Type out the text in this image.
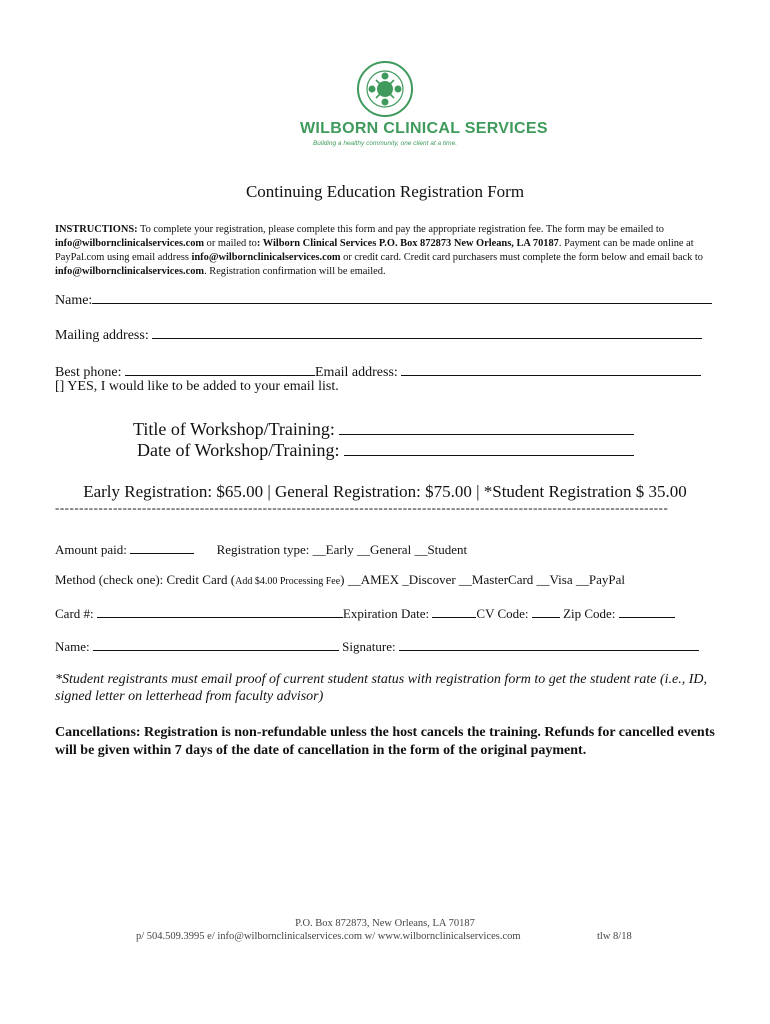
WILBORN CLINICAL SERVICES
Building a healthy community, one client at a time.
Continuing Education Registration Form
INSTRUCTIONS: To complete your registration, please complete this form and pay the appropriate registration fee. The form may be emailed to info@wilbornclinicalservices.com or mailed to: Wilborn Clinical Services P.O. Box 872873 New Orleans, LA 70187. Payment can be made online at PayPal.com using email address info@wilbornclinicalservices.com or credit card. Credit card purchasers must complete the form below and email back to info@wilbornclinicalservices.com. Registration confirmation will be emailed.
Name:
Mailing address:
Best phone:	Email address:
[] YES, I would like to be added to your email list.
Title of Workshop/Training:
Date of Workshop/Training:
Early Registration: $65.00 | General Registration: $75.00 | *Student Registration $ 35.00
-------------------------------------------------------------------------------------------------------------------------------
Amount paid:	Registration type: __Early __General __Student
Method (check one): Credit Card (Add $4.00 Processing Fee) __AMEX _Discover __MasterCard __Visa __PayPal
Card #:	Expiration Date:	CV Code:	Zip Code:
Name:	Signature:
*Student registrants must email proof of current student status with registration form to get the student rate (i.e., ID, signed letter on letterhead from faculty advisor)
Cancellations: Registration is non-refundable unless the host cancels the training. Refunds for cancelled events will be given within 7 days of the date of cancellation in the form of the original payment.
P.O. Box 872873, New Orleans, LA 70187
p/ 504.509.3995 e/ info@wilbornclinicalservices.com w/ www.wilbornclinicalservices.com	tlw 8/18
